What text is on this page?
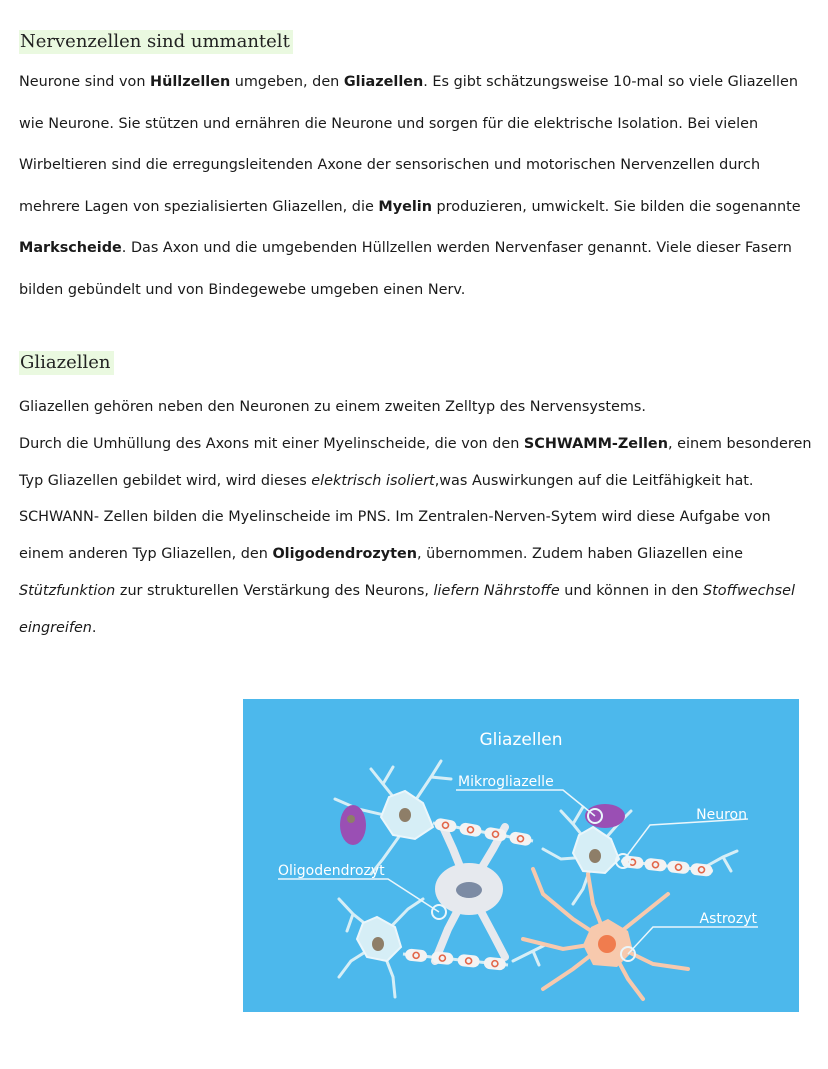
Nervenzellen sind ummantelt

Neurone sind von Hüllzellen umgeben, den Gliazellen. Es gibt schätzungsweise 10-mal so viele Gliazellen wie Neurone. Sie stützen und ernähren die Neurone und sorgen für die elektrische Isolation. Bei vielen Wirbeltieren sind die erregungsleitenden Axone der sensorischen und motorischen Nervenzellen durch mehrere Lagen von spezialisierten Gliazellen, die Myelin produzieren, umwickelt. Sie bilden die sogenannte Markscheide. Das Axon und die umgebenden Hüllzellen werden Nervenfaser genannt. Viele dieser Fasern bilden gebündelt und von Bindegewebe umgeben einen Nerv.

Gliazellen

Gliazellen gehören neben den Neuronen zu einem zweiten Zelltyp des Nervensystems.
Durch die Umhüllung des Axons mit einer Myelinscheide, die von den SCHWAMM-Zellen, einem besonderen Typ Gliazellen gebildet wird, wird dieses elektrisch isoliert,was Auswirkungen auf die Leitfähigkeit hat. SCHWANN- Zellen bilden die Myelinscheide im PNS. Im Zentralen-Nerven-Sytem wird diese Aufgabe von einem anderen Typ Gliazellen, den Oligodendrozyten, übernommen. Zudem haben Gliazellen eine Stützfunktion zur strukturellen Verstärkung des Neurons, liefern Nährstoffe und können in den Stoffwechsel eingreifen.

Gliazellen
Mikrogliazelle
Neuron
Oligodendrozyt
Astrozyt
